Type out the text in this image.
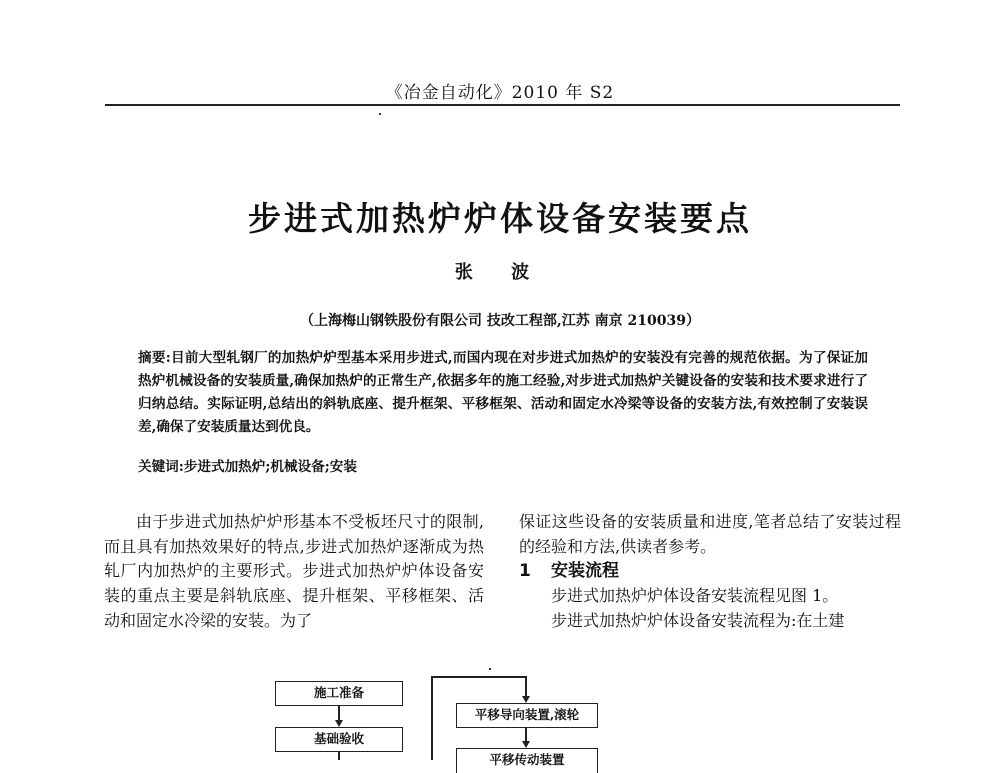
《冶金自动化》2010 年 S2
步进式加热炉炉体设备安装要点
张 波
（上海梅山钢铁股份有限公司 技改工程部,江苏 南京 210039）
摘要:目前大型轧钢厂的加热炉炉型基本采用步进式,而国内现在对步进式加热炉的安装没有完善的规范依据。为了保证加热炉机械设备的安装质量,确保加热炉的正常生产,依据多年的施工经验,对步进式加热炉关键设备的安装和技术要求进行了归纳总结。实际证明,总结出的斜轨底座、提升框架、平移框架、活动和固定水冷梁等设备的安装方法,有效控制了安装误差,确保了安装质量达到优良。
关键词:步进式加热炉;机械设备;安装

由于步进式加热炉炉形基本不受板坯尺寸的限制,而且具有加热效果好的特点,步进式加热炉逐渐成为热轧厂内加热炉的主要形式。步进式加热炉炉体设备安装的重点主要是斜轨底座、提升框架、平移框架、活动和固定水冷梁的安装。为了

保证这些设备的安装质量和进度,笔者总结了安装过程的经验和方法,供读者参考。

1 安装流程

步进式加热炉炉体设备安装流程见图 1。

步进式加热炉炉体设备安装流程为:在土建

施工准备
基础验收
平移导向装置,滚轮
平移传动装置
